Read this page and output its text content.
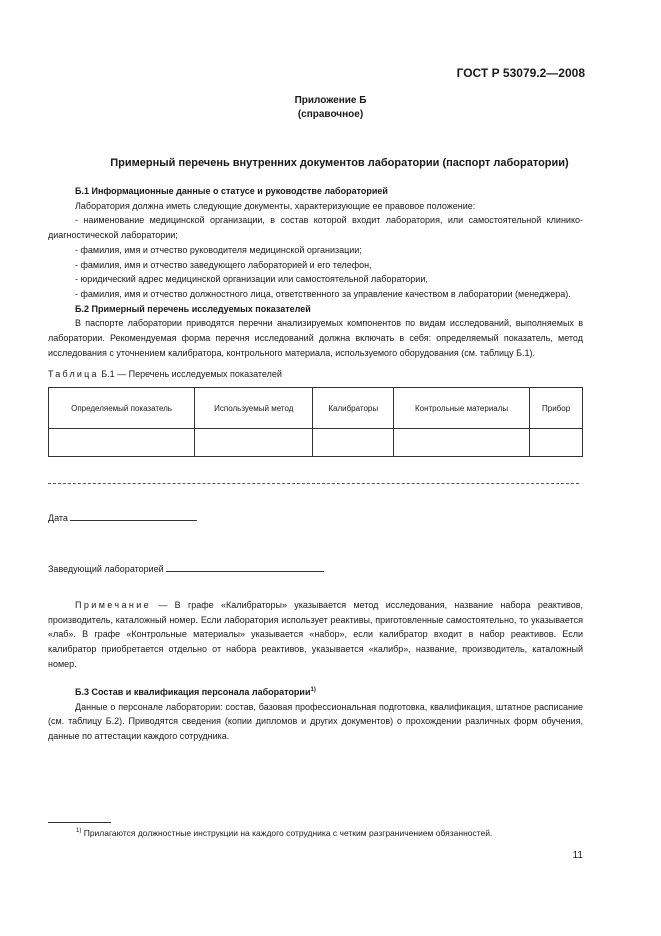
ГОСТ Р 53079.2—2008
Приложение Б
(справочное)
Примерный перечень внутренних документов лаборатории (паспорт лаборатории)

Б.1 Информационные данные о статусе и руководстве лабораторией

Лаборатория должна иметь следующие документы, характеризующие ее правовое положение:

- наименование медицинской организации, в состав которой входит лаборатория, или самостоятельной клинико-диагностической лаборатории;

- фамилия, имя и отчество руководителя медицинской организации;

- фамилия, имя и отчество заведующего лабораторией и его телефон,

- юридический адрес медицинской организации или самостоятельной лаборатории,

- фамилия, имя и отчество должностного лица, ответственного за управление качеством в лаборатории (менеджера).

Б.2 Примерный перечень исследуемых показателей

В паспорте лаборатории приводятся перечни анализируемых компонентов по видам исследований, выполняемых в лаборатории. Рекомендуемая форма перечня исследований должна включать в себя: определяемый показатель, метод исследования с уточнением калибратора, контрольного материала, используемого оборудования (см. таблицу Б.1).

Таблица Б.1 — Перечень исследуемых показателей
Определяемый показатель	Используемый метод	Калибраторы	Контрольные материалы	Прибор

Дата
Заведующий лабораторией

Примечание — В графе «Калибраторы» указывается метод исследования, название набора реактивов, производитель, каталожный номер. Если лаборатория использует реактивы, приготовленные самостоятельно, то указывается «лаб». В графе «Контрольные материалы» указывается «набор», если калибратор входит в набор реактивов. Если калибратор приобретается отдельно от набора реактивов, указывается «калибр», название, производитель, каталожный номер.

Б.3 Состав и квалификация персонала лаборатории$^{1)}$

Данные о персонале лаборатории: состав, базовая профессиональная подготовка, квалификация, штатное расписание (см. таблицу Б.2). Приводятся сведения (копии дипломов и других документов) о прохождении различных форм обучения, данные по аттестации каждого сотрудника.

$^{1)}$ Прилагаются должностные инструкции на каждого сотрудника с четким разграничением обязанностей.
11
